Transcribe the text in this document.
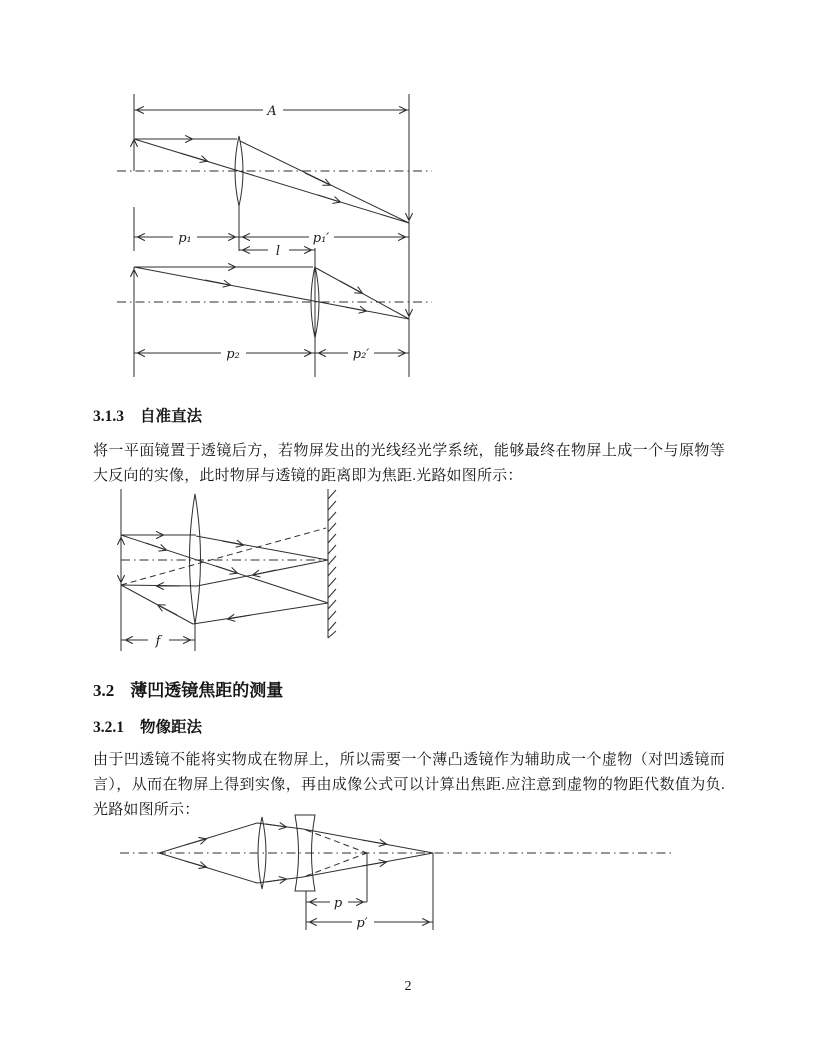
A
p₁	p₁′
l
p₂	p₂′
f
p
p′
3.1.3 自准直法
将一平面镜置于透镜后方，若物屏发出的光线经光学系统，能够最终在物屏上成一个与原物等大反向的实像，此时物屏与透镜的距离即为焦距.光路如图所示：
3.2 薄凹透镜焦距的测量
3.2.1 物像距法
由于凹透镜不能将实物成在物屏上，所以需要一个薄凸透镜作为辅助成一个虚物（对凹透镜而言），从而在物屏上得到实像，再由成像公式可以计算出焦距.应注意到虚物的物距代数值为负.光路如图所示：
2
